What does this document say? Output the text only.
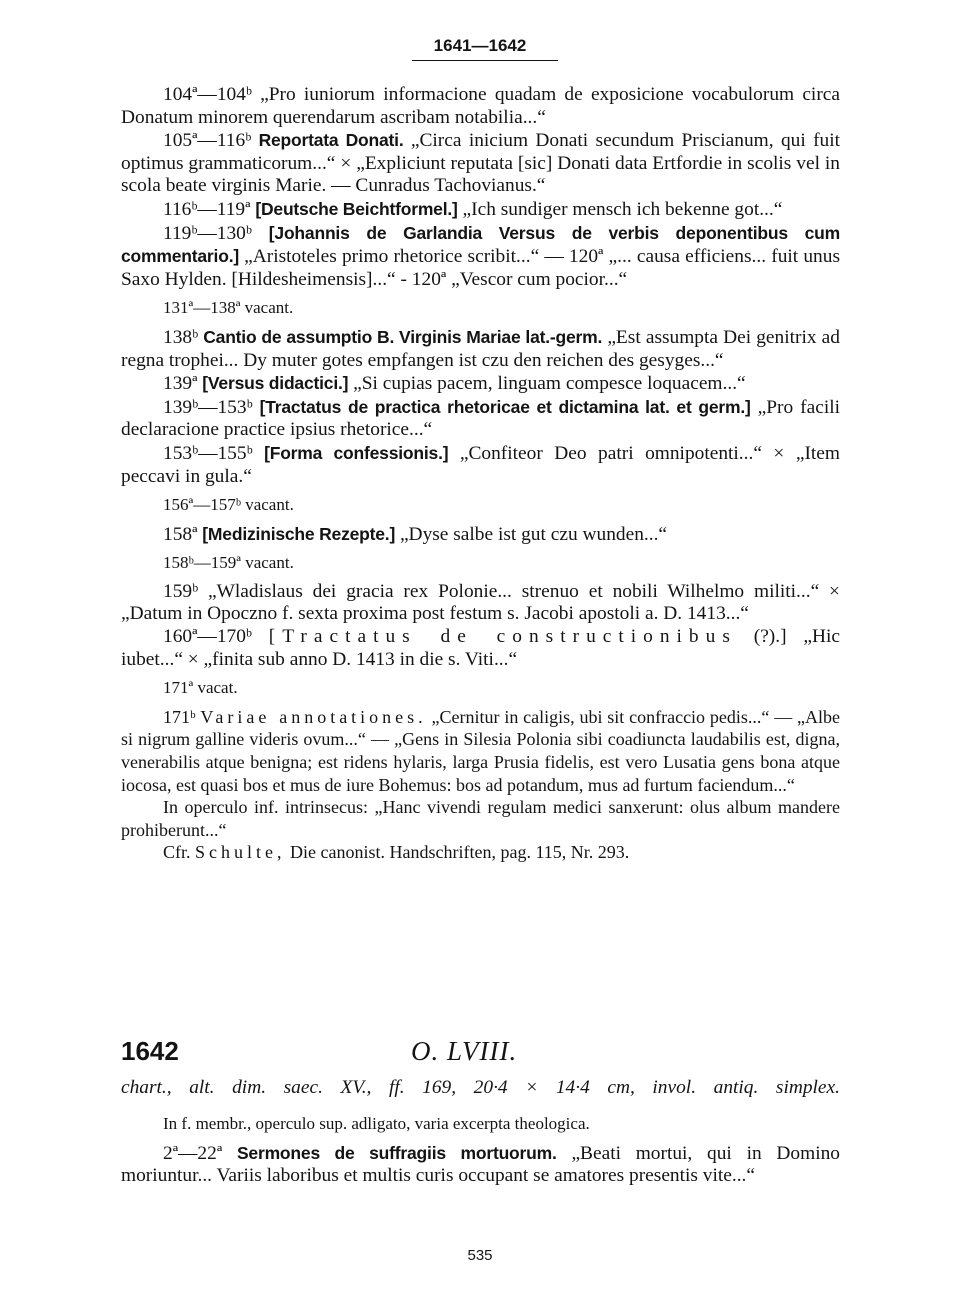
1641—1642

104ª—104ᵇ „Pro iuniorum informacione quadam de exposicione vocabulorum circa Donatum minorem querendarum ascribam notabilia...“

105ª—116ᵇ Reportata Donati. „Circa inicium Donati secundum Priscianum, qui fuit optimus grammaticorum...“ × „Expliciunt reputata [sic] Donati data Ertfordie in scolis vel in scola beate virginis Marie. — Cunradus Tachovianus.“

116ᵇ—119ª [Deutsche Beichtformel.] „Ich sundiger mensch ich bekenne got...“

119ᵇ—130ᵇ [Johannis de Garlandia Versus de verbis deponentibus cum commentario.] „Aristoteles primo rhetorice scribit...“ — 120ª „... causa efficiens... fuit unus Saxo Hylden. [Hildesheimensis]...“ - 120ª „Vescor cum pocior...“

131ª—138ª vacant.

138ᵇ Cantio de assumptio B. Virginis Mariae lat.-germ. „Est assumpta Dei genitrix ad regna trophei... Dy muter gotes empfangen ist czu den reichen des gesyges...“

139ª [Versus didactici.] „Si cupias pacem, linguam compesce loquacem...“

139ᵇ—153ᵇ [Tractatus de practica rhetoricae et dictamina lat. et germ.] „Pro facili declaracione practice ipsius rhetorice...“

153ᵇ—155ᵇ [Forma confessionis.] „Confiteor Deo patri omnipotenti...“ × „Item peccavi in gula.“

156ª—157ᵇ vacant.

158ª [Medizinische Rezepte.] „Dyse salbe ist gut czu wunden...“

158ᵇ—159ª vacant.

159ᵇ „Wladislaus dei gracia rex Polonie... strenuo et nobili Wilhelmo militi...“ × „Datum in Opoczno f. sexta proxima post festum s. Jacobi apostoli a. D. 1413...“

160ª—170ᵇ [Tractatus de constructionibus (?).] „Hic iubet...“ × „finita sub anno D. 1413 in die s. Viti...“

171ª vacat.

171ᵇ Variae annotationes. „Cernitur in caligis, ubi sit confraccio pedis...“ — „Albe si nigrum galline videris ovum...“ — „Gens in Silesia Polonia sibi coadiuncta laudabilis est, digna, venerabilis atque benigna; est ridens hylaris, larga Prusia fidelis, est vero Lusatia gens bona atque iocosa, est quasi bos et mus de iure Bohemus: bos ad potandum, mus ad furtum faciendum...“

In operculo inf. intrinsecus: „Hanc vivendi regulam medici sanxerunt: olus album mandere prohiberunt...“

Cfr. Schulte, Die canonist. Handschriften, pag. 115, Nr. 293.

1642	O. LVIII.
chart., alt. dim. saec. XV., ff. 169, 20·4 × 14·4 cm, invol. antiq. simplex.

In f. membr., operculo sup. adligato, varia excerpta theologica.

2ª—22ª Sermones de suffragiis mortuorum. „Beati mortui, qui in Domino moriuntur... Variis laboribus et multis curis occupant se amatores presentis vite...“

535
